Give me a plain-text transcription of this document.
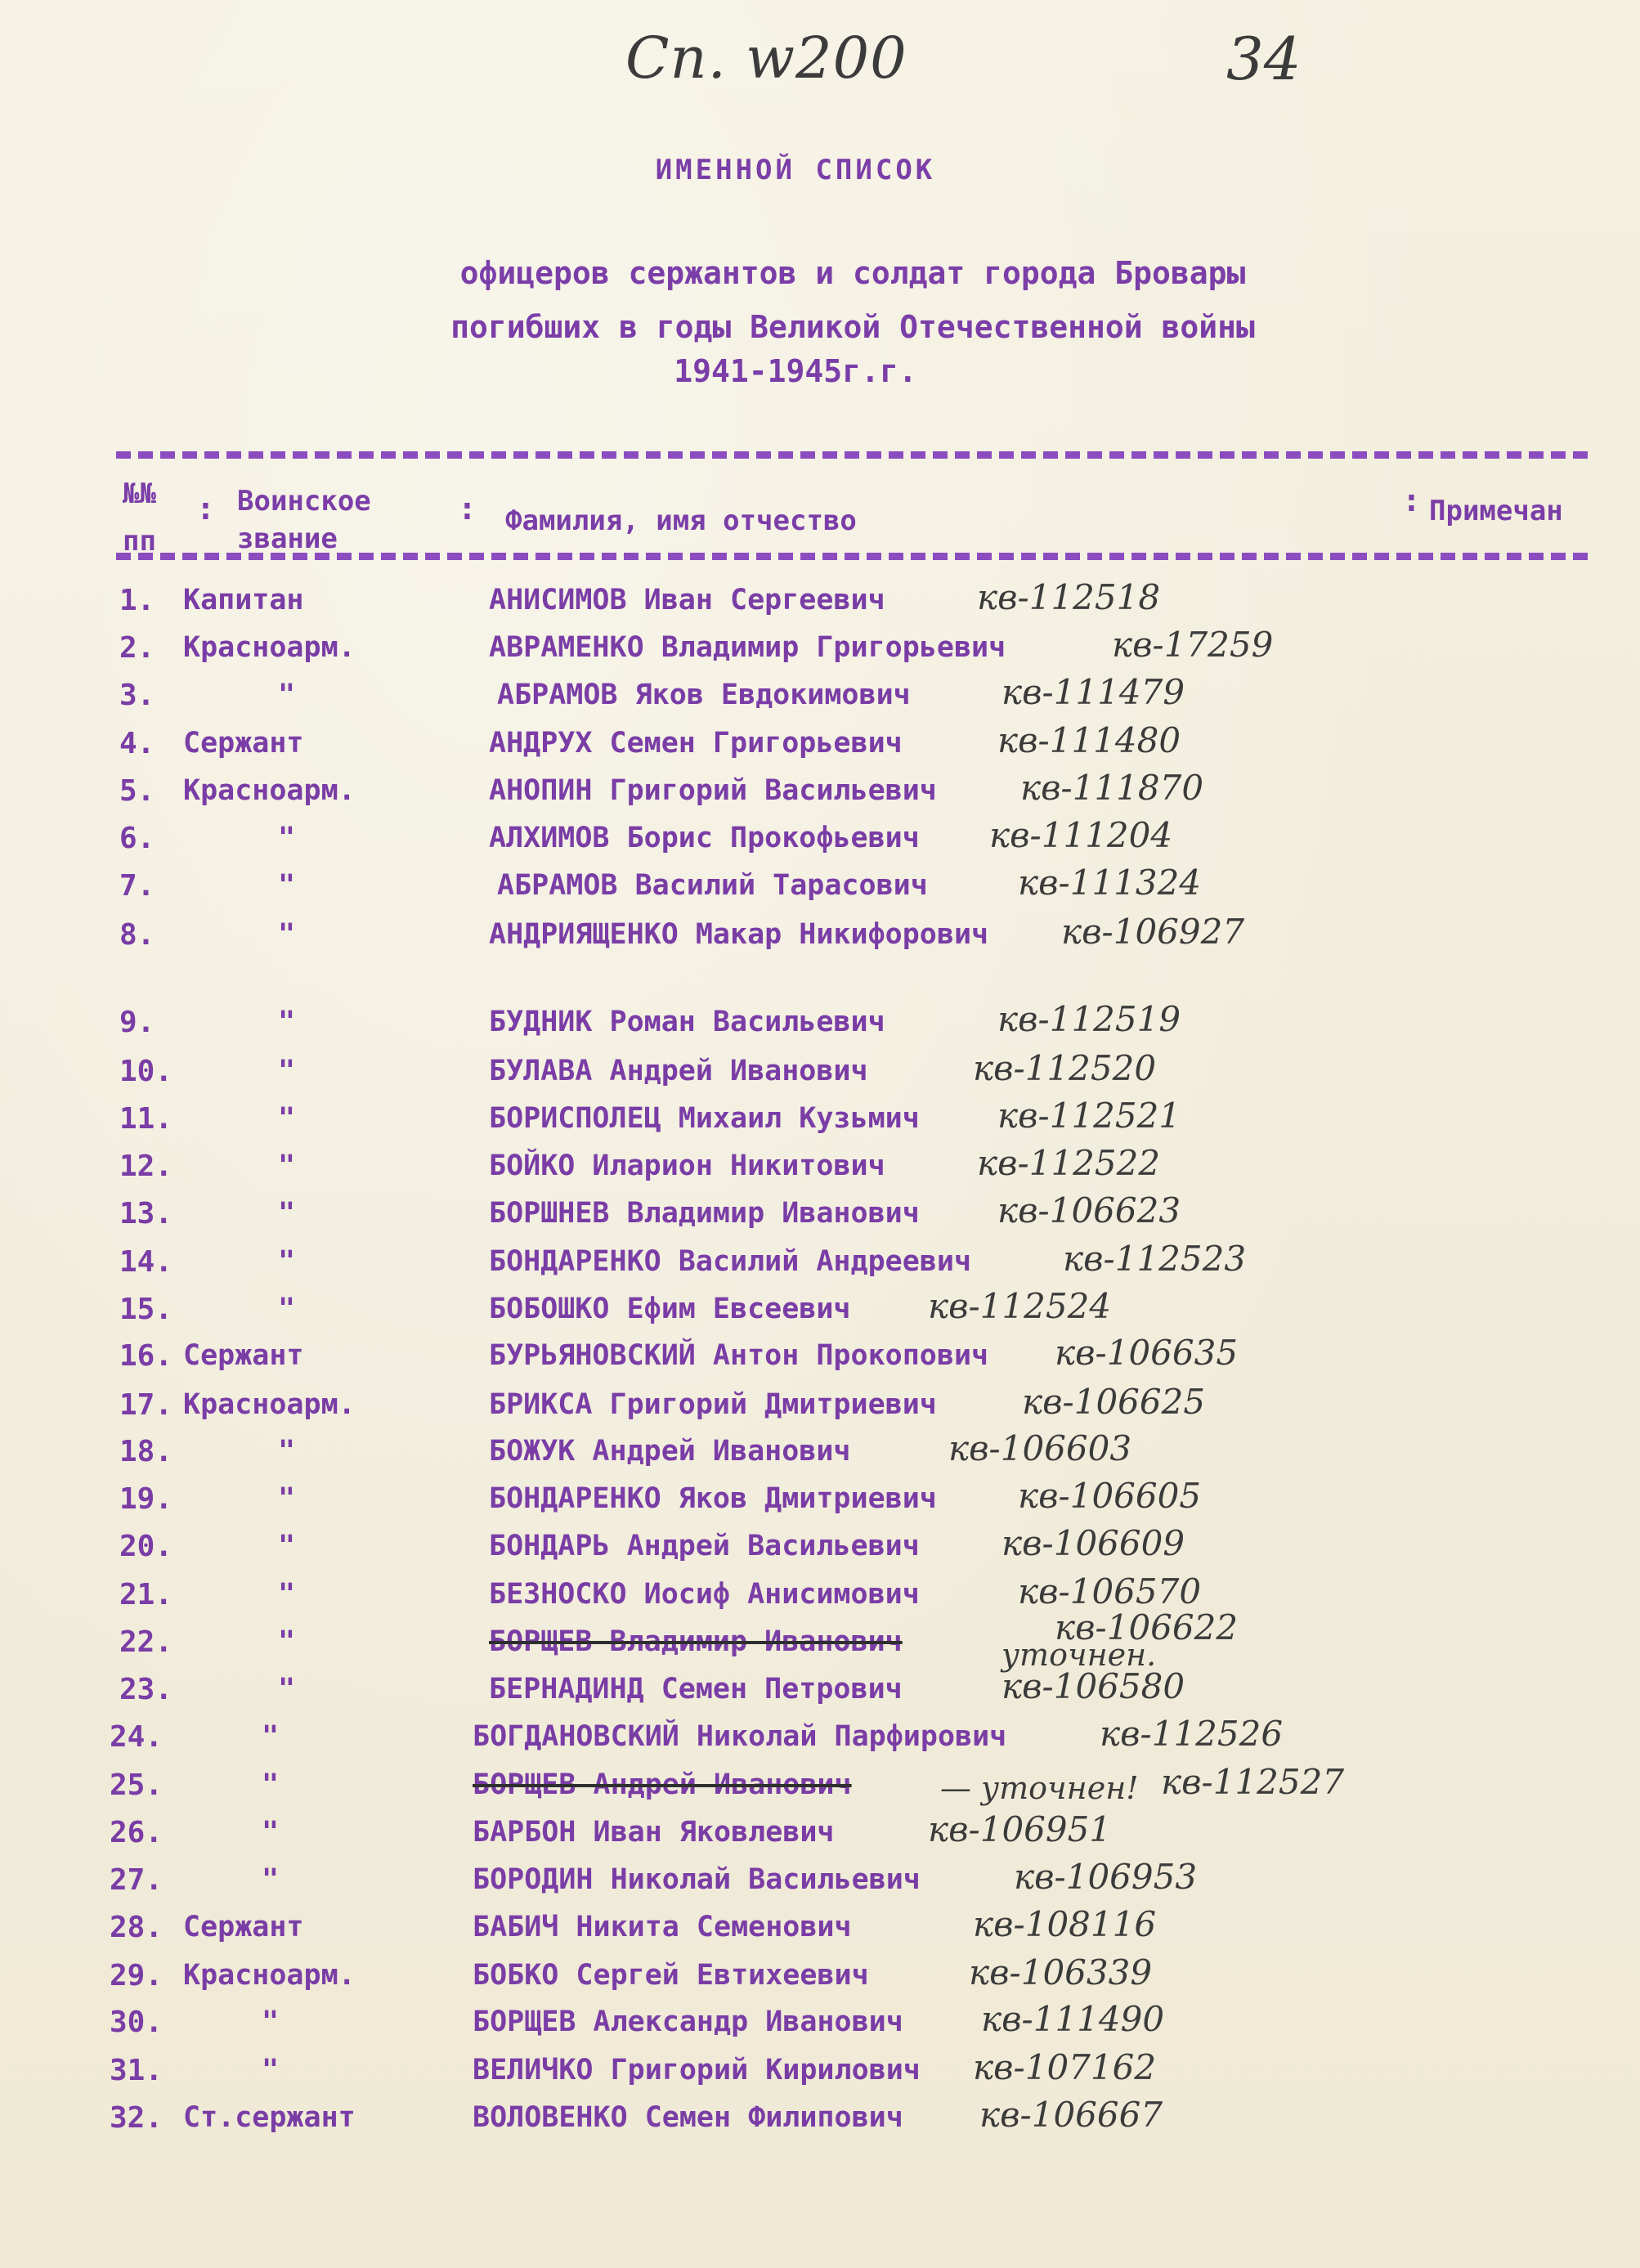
Сп. w200	34
ИМЕННОЙ СПИСОК
офицеров сержантов и солдат города Бровары
погибших в годы Великой Отечественной войны
1941-1945г.г.
№№
пп
: Воинское
звание
: Фамилия, имя отчество
: Примечан
1. Капитан	АНИСИМОВ Иван Сергеевич	кв-112518
2. Красноарм.	АВРАМЕНКО Владимир Григорьевич	кв-17259
3.	"	АБРАМОВ Яков Евдокимович	кв-111479
4. Сержант	АНДРУХ Семен Григорьевич	кв-111480
5. Красноарм.	АНОПИН Григорий Васильевич кв-111870
6.	"	АЛХИМОВ Борис Прокофьевич кв-111204
7.	"	АБРАМОВ Василий Тарасович	кв-111324
8.	"	АНДРИЯЩЕНКО Макар Никифорович кв-106927
9.	"	БУДНИК Роман Васильевич	кв-112519
10.	"	БУЛАВА Андрей Иванович	кв-112520
11.	"	БОРИСПОЛЕЦ Михаил Кузьмич кв-112521
12.	"	БОЙКО Иларион Никитович	кв-112522
13.	"	БОРШНЕВ Владимир Иванович кв-106623
14.	"	БОНДАРЕНКО Василий Андреевич	кв-112523
15.	"	БОБОШКО Ефим Евсеевич кв-112524
16. Сержант	БУРЬЯНОВСКИЙ Антон Прокопович кв-106635
17. Красноарм.	БРИКСА Григорий Дмитриевич кв-106625
18.	"	БОЖУК Андрей Иванович	кв-106603
19.	"	БОНДАРЕНКО Яков Дмитриевич кв-106605
20.	"	БОНДАРЬ Андрей Васильевич кв-106609
21.	"	БЕЗНОСКО Иосиф Анисимович	кв-106570
22.	"	БОРЩЕВ Владимир Иванович	кв-106622
уточнен.
23.	"	БЕРНАДИНД Семен Петрович	кв-106580
24.	"	БОГДАНОВСКИЙ Николай Парфирович	кв-112526
25.	"	БОРЩЕВ Андрей Иванович	кв-112527
— уточнен!
26.	"	БАРБОН Иван Яковлевич	кв-106951
27.	"	БОРОДИН Николай Васильевич	кв-106953
28. Сержант	БАБИЧ Никита Семенович	кв-108116
29. Красноарм.	БОБКО Сергей Евтихеевич	кв-106339
30.	"	БОРЩЕВ Александр Иванович кв-111490
31.	"	ВЕЛИЧКО Григорий Кирилович кв-107162
32. Ст.сержант	ВОЛОВЕНКО Семен Филипович кв-106667
